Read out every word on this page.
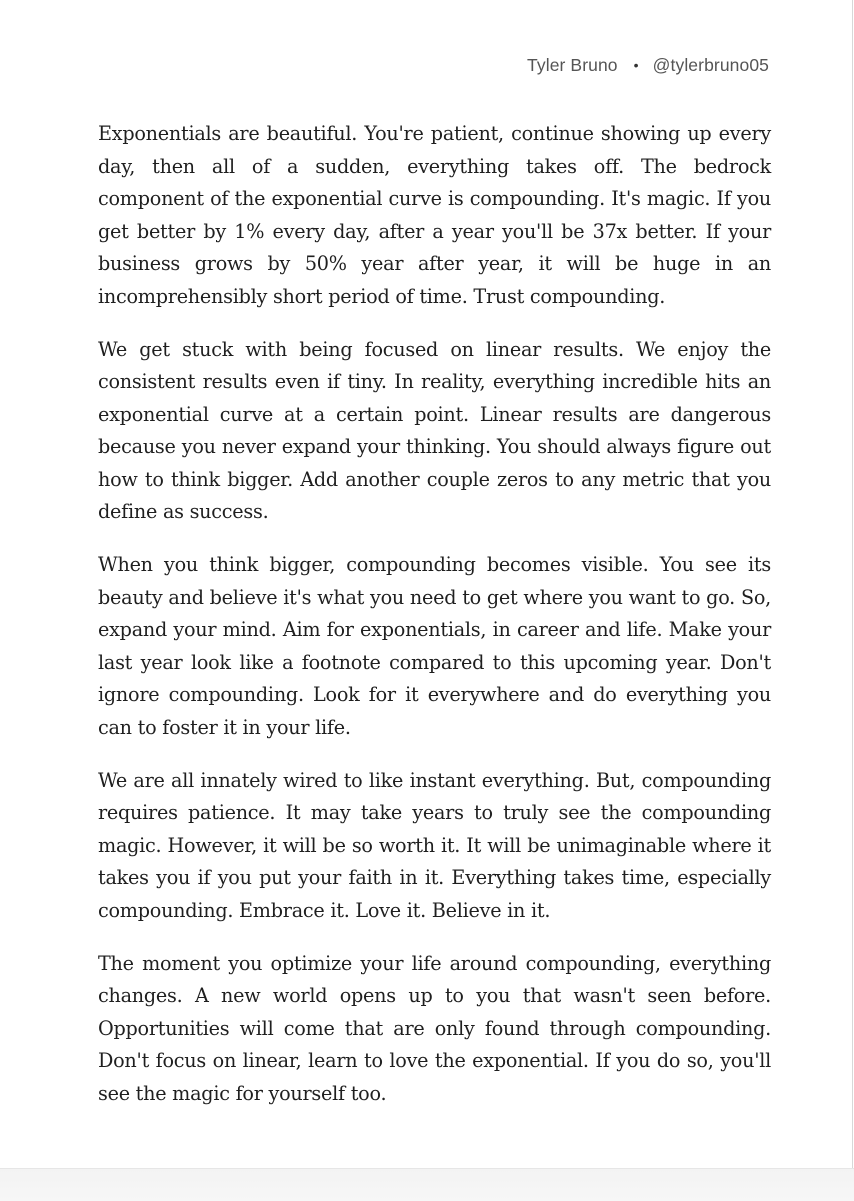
Tyler Bruno • @tylerbruno05

Exponentials are beautiful. You're patient, continue showing up every day, then all of a sudden, everything takes off. The bedrock component of the exponential curve is compounding. It's magic. If you get better by 1% every day, after a year you'll be 37x better. If your business grows by 50% year after year, it will be huge in an incomprehensibly short period of time. Trust compounding.

We get stuck with being focused on linear results. We enjoy the consistent results even if tiny. In reality, everything incredible hits an exponential curve at a certain point. Linear results are dangerous because you never expand your thinking. You should always figure out how to think bigger. Add another couple zeros to any metric that you define as success.

When you think bigger, compounding becomes visible. You see its beauty and believe it's what you need to get where you want to go. So, expand your mind. Aim for exponentials, in career and life. Make your last year look like a footnote compared to this upcoming year. Don't ignore compounding. Look for it everywhere and do everything you can to foster it in your life.

We are all innately wired to like instant everything. But, compounding requires patience. It may take years to truly see the compounding magic. However, it will be so worth it. It will be unimaginable where it takes you if you put your faith in it. Everything takes time, especially compounding. Embrace it. Love it. Believe in it.

The moment you optimize your life around compounding, everything changes. A new world opens up to you that wasn't seen before. Opportunities will come that are only found through compounding. Don't focus on linear, learn to love the exponential. If you do so, you'll see the magic for yourself too.
